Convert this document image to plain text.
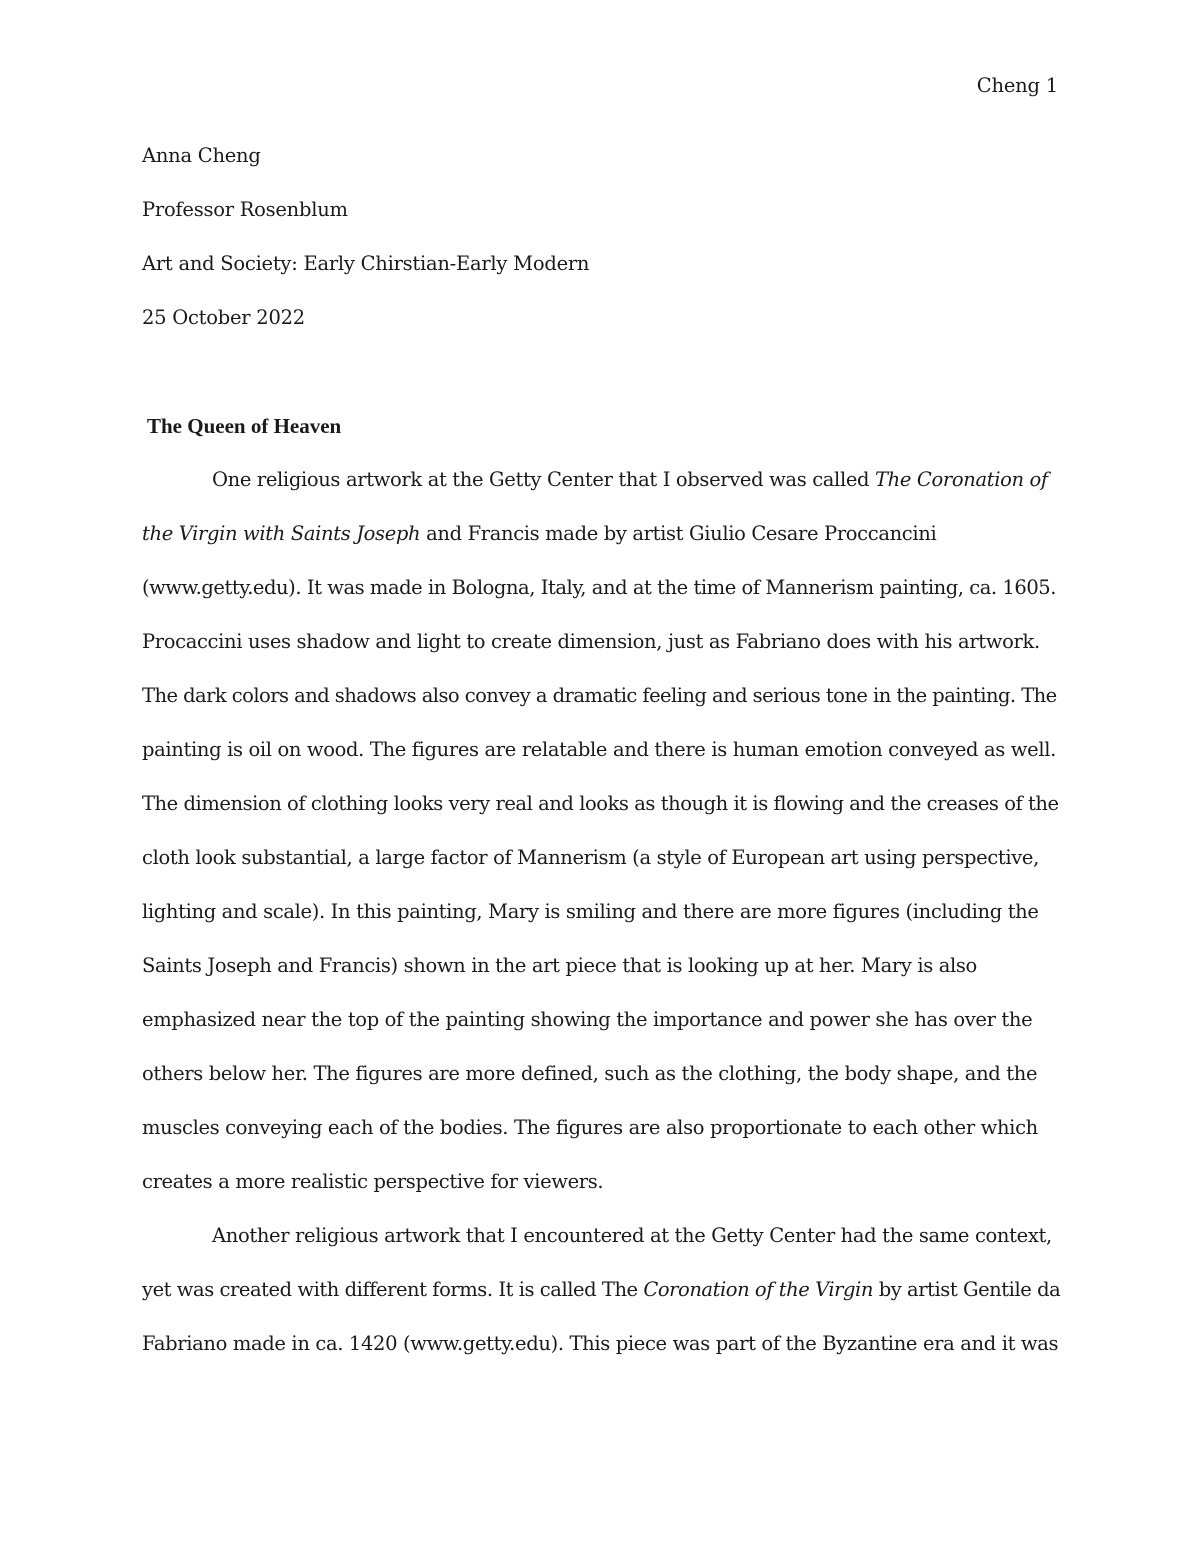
Cheng 1
Anna Cheng
Professor Rosenblum
Art and Society: Early Chirstian-Early Modern
25 October 2022
The Queen of Heaven
One religious artwork at the Getty Center that I observed was called The Coronation of
the Virgin with Saints Joseph and Francis made by artist Giulio Cesare Proccancini
(www.getty.edu). It was made in Bologna, Italy, and at the time of Mannerism painting, ca. 1605.
Procaccini uses shadow and light to create dimension, just as Fabriano does with his artwork.
The dark colors and shadows also convey a dramatic feeling and serious tone in the painting. The
painting is oil on wood. The figures are relatable and there is human emotion conveyed as well.
The dimension of clothing looks very real and looks as though it is flowing and the creases of the
cloth look substantial, a large factor of Mannerism (a style of European art using perspective,
lighting and scale). In this painting, Mary is smiling and there are more figures (including the
Saints Joseph and Francis) shown in the art piece that is looking up at her. Mary is also
emphasized near the top of the painting showing the importance and power she has over the
others below her. The figures are more defined, such as the clothing, the body shape, and the
muscles conveying each of the bodies. The figures are also proportionate to each other which
creates a more realistic perspective for viewers.
Another religious artwork that I encountered at the Getty Center had the same context,
yet was created with different forms. It is called The Coronation of the Virgin by artist Gentile da
Fabriano made in ca. 1420 (www.getty.edu). This piece was part of the Byzantine era and it was
